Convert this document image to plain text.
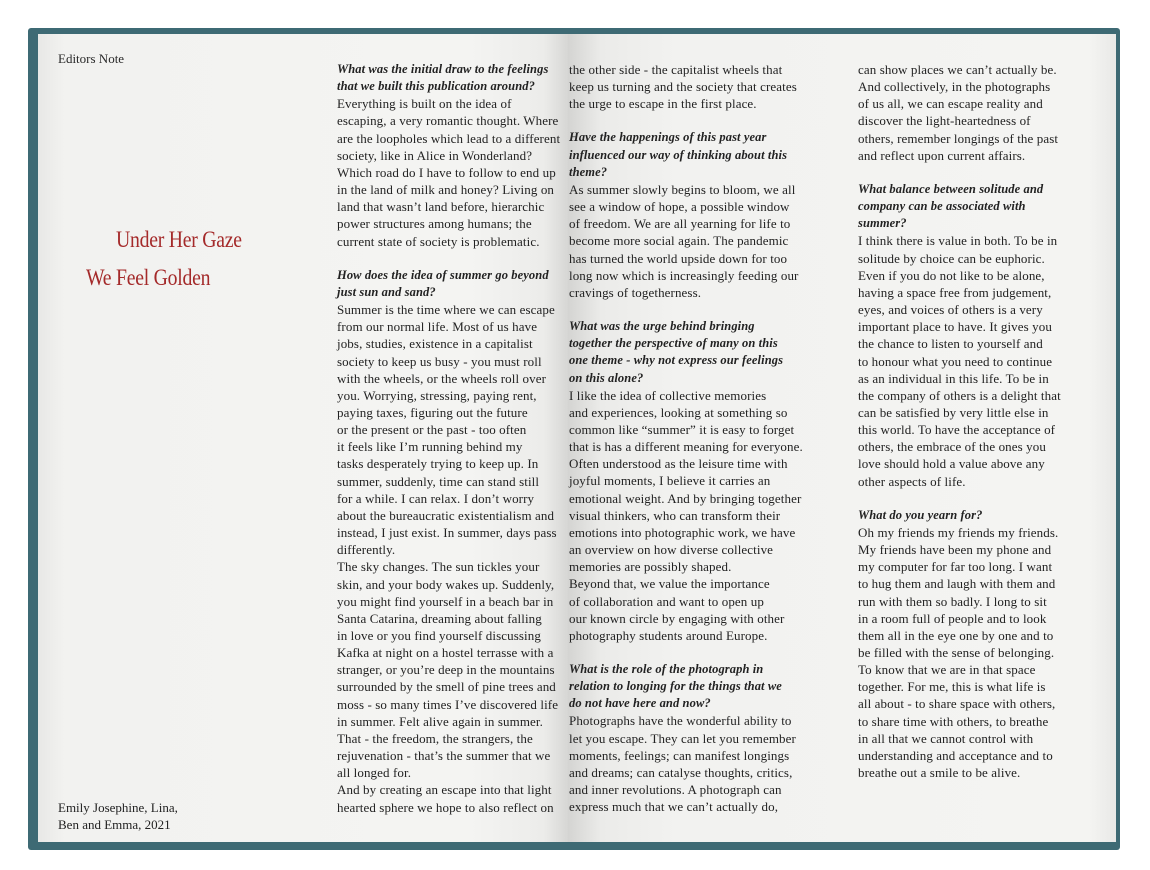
Editors Note
Under Her Gaze
We Feel Golden
Emily Josephine, Lina,
Ben and Emma, 2021
What was the initial draw to the feelings
that we built this publication around?
Everything is built on the idea of
escaping, a very romantic thought. Where
are the loopholes which lead to a different
society, like in Alice in Wonderland?
Which road do I have to follow to end up
in the land of milk and honey? Living on
land that wasn’t land before, hierarchic
power structures among humans; the
current state of society is problematic.
How does the idea of summer go beyond
just sun and sand?
Summer is the time where we can escape
from our normal life. Most of us have
jobs, studies, existence in a capitalist
society to keep us busy - you must roll
with the wheels, or the wheels roll over
you. Worrying, stressing, paying rent,
paying taxes, figuring out the future
or the present or the past - too often
it feels like I’m running behind my
tasks desperately trying to keep up. In
summer, suddenly, time can stand still
for a while. I can relax. I don’t worry
about the bureaucratic existentialism and
instead, I just exist. In summer, days pass
differently.
The sky changes. The sun tickles your
skin, and your body wakes up. Suddenly,
you might find yourself in a beach bar in
Santa Catarina, dreaming about falling
in love or you find yourself discussing
Kafka at night on a hostel terrasse with a
stranger, or you’re deep in the mountains
surrounded by the smell of pine trees and
moss - so many times I’ve discovered life
in summer. Felt alive again in summer.
That - the freedom, the strangers, the
rejuvenation - that’s the summer that we
all longed for.
And by creating an escape into that light
hearted sphere we hope to also reflect on
the other side - the capitalist wheels that
keep us turning and the society that creates
the urge to escape in the first place.
Have the happenings of this past year
influenced our way of thinking about this
theme?
As summer slowly begins to bloom, we all
see a window of hope, a possible window
of freedom. We are all yearning for life to
become more social again. The pandemic
has turned the world upside down for too
long now which is increasingly feeding our
cravings of togetherness.
What was the urge behind bringing
together the perspective of many on this
one theme - why not express our feelings
on this alone?
I like the idea of collective memories
and experiences, looking at something so
common like “summer” it is easy to forget
that is has a different meaning for everyone.
Often understood as the leisure time with
joyful moments, I believe it carries an
emotional weight. And by bringing together
visual thinkers, who can transform their
emotions into photographic work, we have
an overview on how diverse collective
memories are possibly shaped.
Beyond that, we value the importance
of collaboration and want to open up
our known circle by engaging with other
photography students around Europe.
What is the role of the photograph in
relation to longing for the things that we
do not have here and now?
Photographs have the wonderful ability to
let you escape. They can let you remember
moments, feelings; can manifest longings
and dreams; can catalyse thoughts, critics,
and inner revolutions. A photograph can
express much that we can’t actually do,
can show places we can’t actually be.
And collectively, in the photographs
of us all, we can escape reality and
discover the light-heartedness of
others, remember longings of the past
and reflect upon current affairs.
What balance between solitude and
company can be associated with
summer?
I think there is value in both. To be in
solitude by choice can be euphoric.
Even if you do not like to be alone,
having a space free from judgement,
eyes, and voices of others is a very
important place to have. It gives you
the chance to listen to yourself and
to honour what you need to continue
as an individual in this life. To be in
the company of others is a delight that
can be satisfied by very little else in
this world. To have the acceptance of
others, the embrace of the ones you
love should hold a value above any
other aspects of life.
What do you yearn for?
Oh my friends my friends my friends.
My friends have been my phone and
my computer for far too long. I want
to hug them and laugh with them and
run with them so badly. I long to sit
in a room full of people and to look
them all in the eye one by one and to
be filled with the sense of belonging.
To know that we are in that space
together. For me, this is what life is
all about - to share space with others,
to share time with others, to breathe
in all that we cannot control with
understanding and acceptance and to
breathe out a smile to be alive.
